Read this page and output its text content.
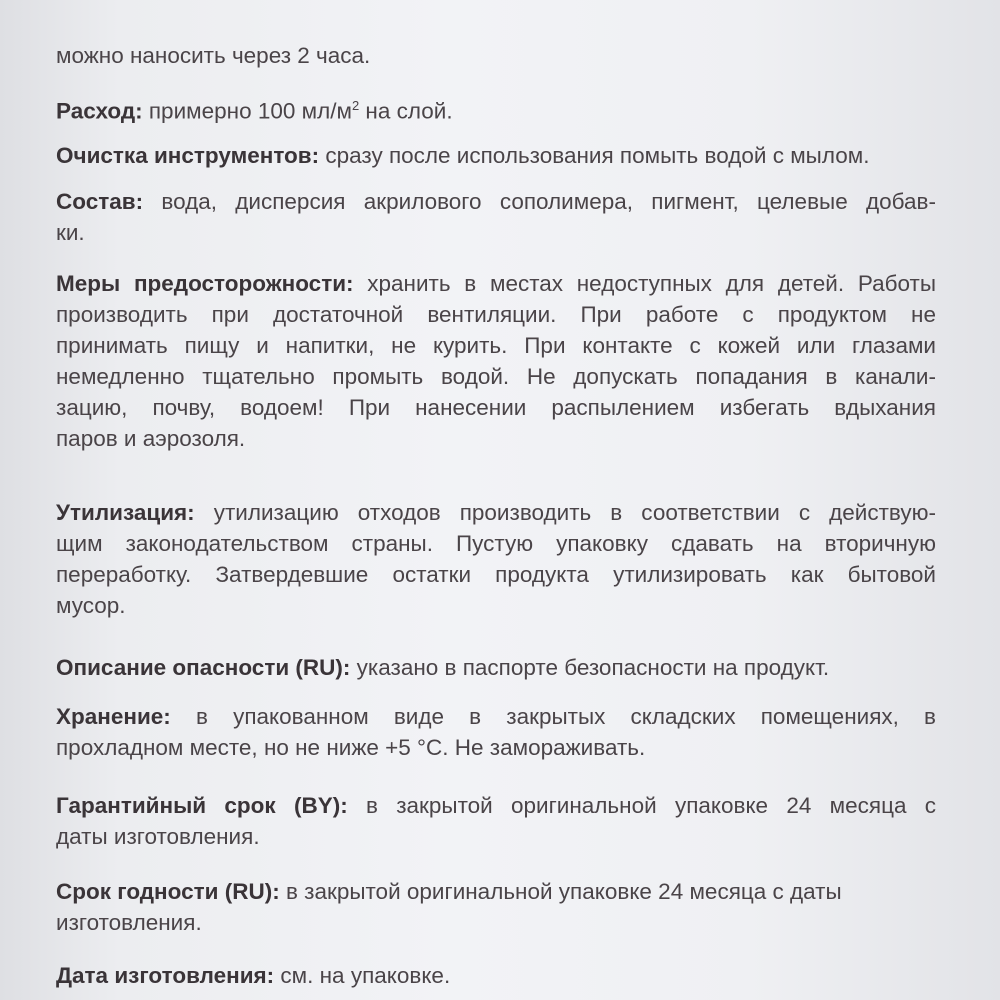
можно наносить через 2 часа.

Расход: примерно 100 $мл/м^2$ на слой.

Очистка инструментов: сразу после использования помыть водой с мылом.

Состав: вода, дисперсия акрилового сополимера, пигмент, целевые добав-
ки.

Меры предосторожности: хранить в местах недоступных для детей. Работы
производить при достаточной вентиляции. При работе с продуктом не
принимать пищу и напитки, не курить. При контакте с кожей или глазами
немедленно тщательно промыть водой. Не допускать попадания в канали-
зацию, почву, водоем! При нанесении распылением избегать вдыхания
паров и аэрозоля.

Утилизация: утилизацию отходов производить в соответствии с действую-
щим законодательством страны. Пустую упаковку сдавать на вторичную
переработку. Затвердевшие остатки продукта утилизировать как бытовой
мусор.

Описание опасности (RU): указано в паспорте безопасности на продукт.

Хранение: в упакованном виде в закрытых складских помещениях, в
прохладном месте, но не ниже +5 °С. Не замораживать.

Гарантийный срок (BY): в закрытой оригинальной упаковке 24 месяца с
даты изготовления.

Срок годности (RU): в закрытой оригинальной упаковке 24 месяца с даты
изготовления.

Дата изготовления: см. на упаковке.
